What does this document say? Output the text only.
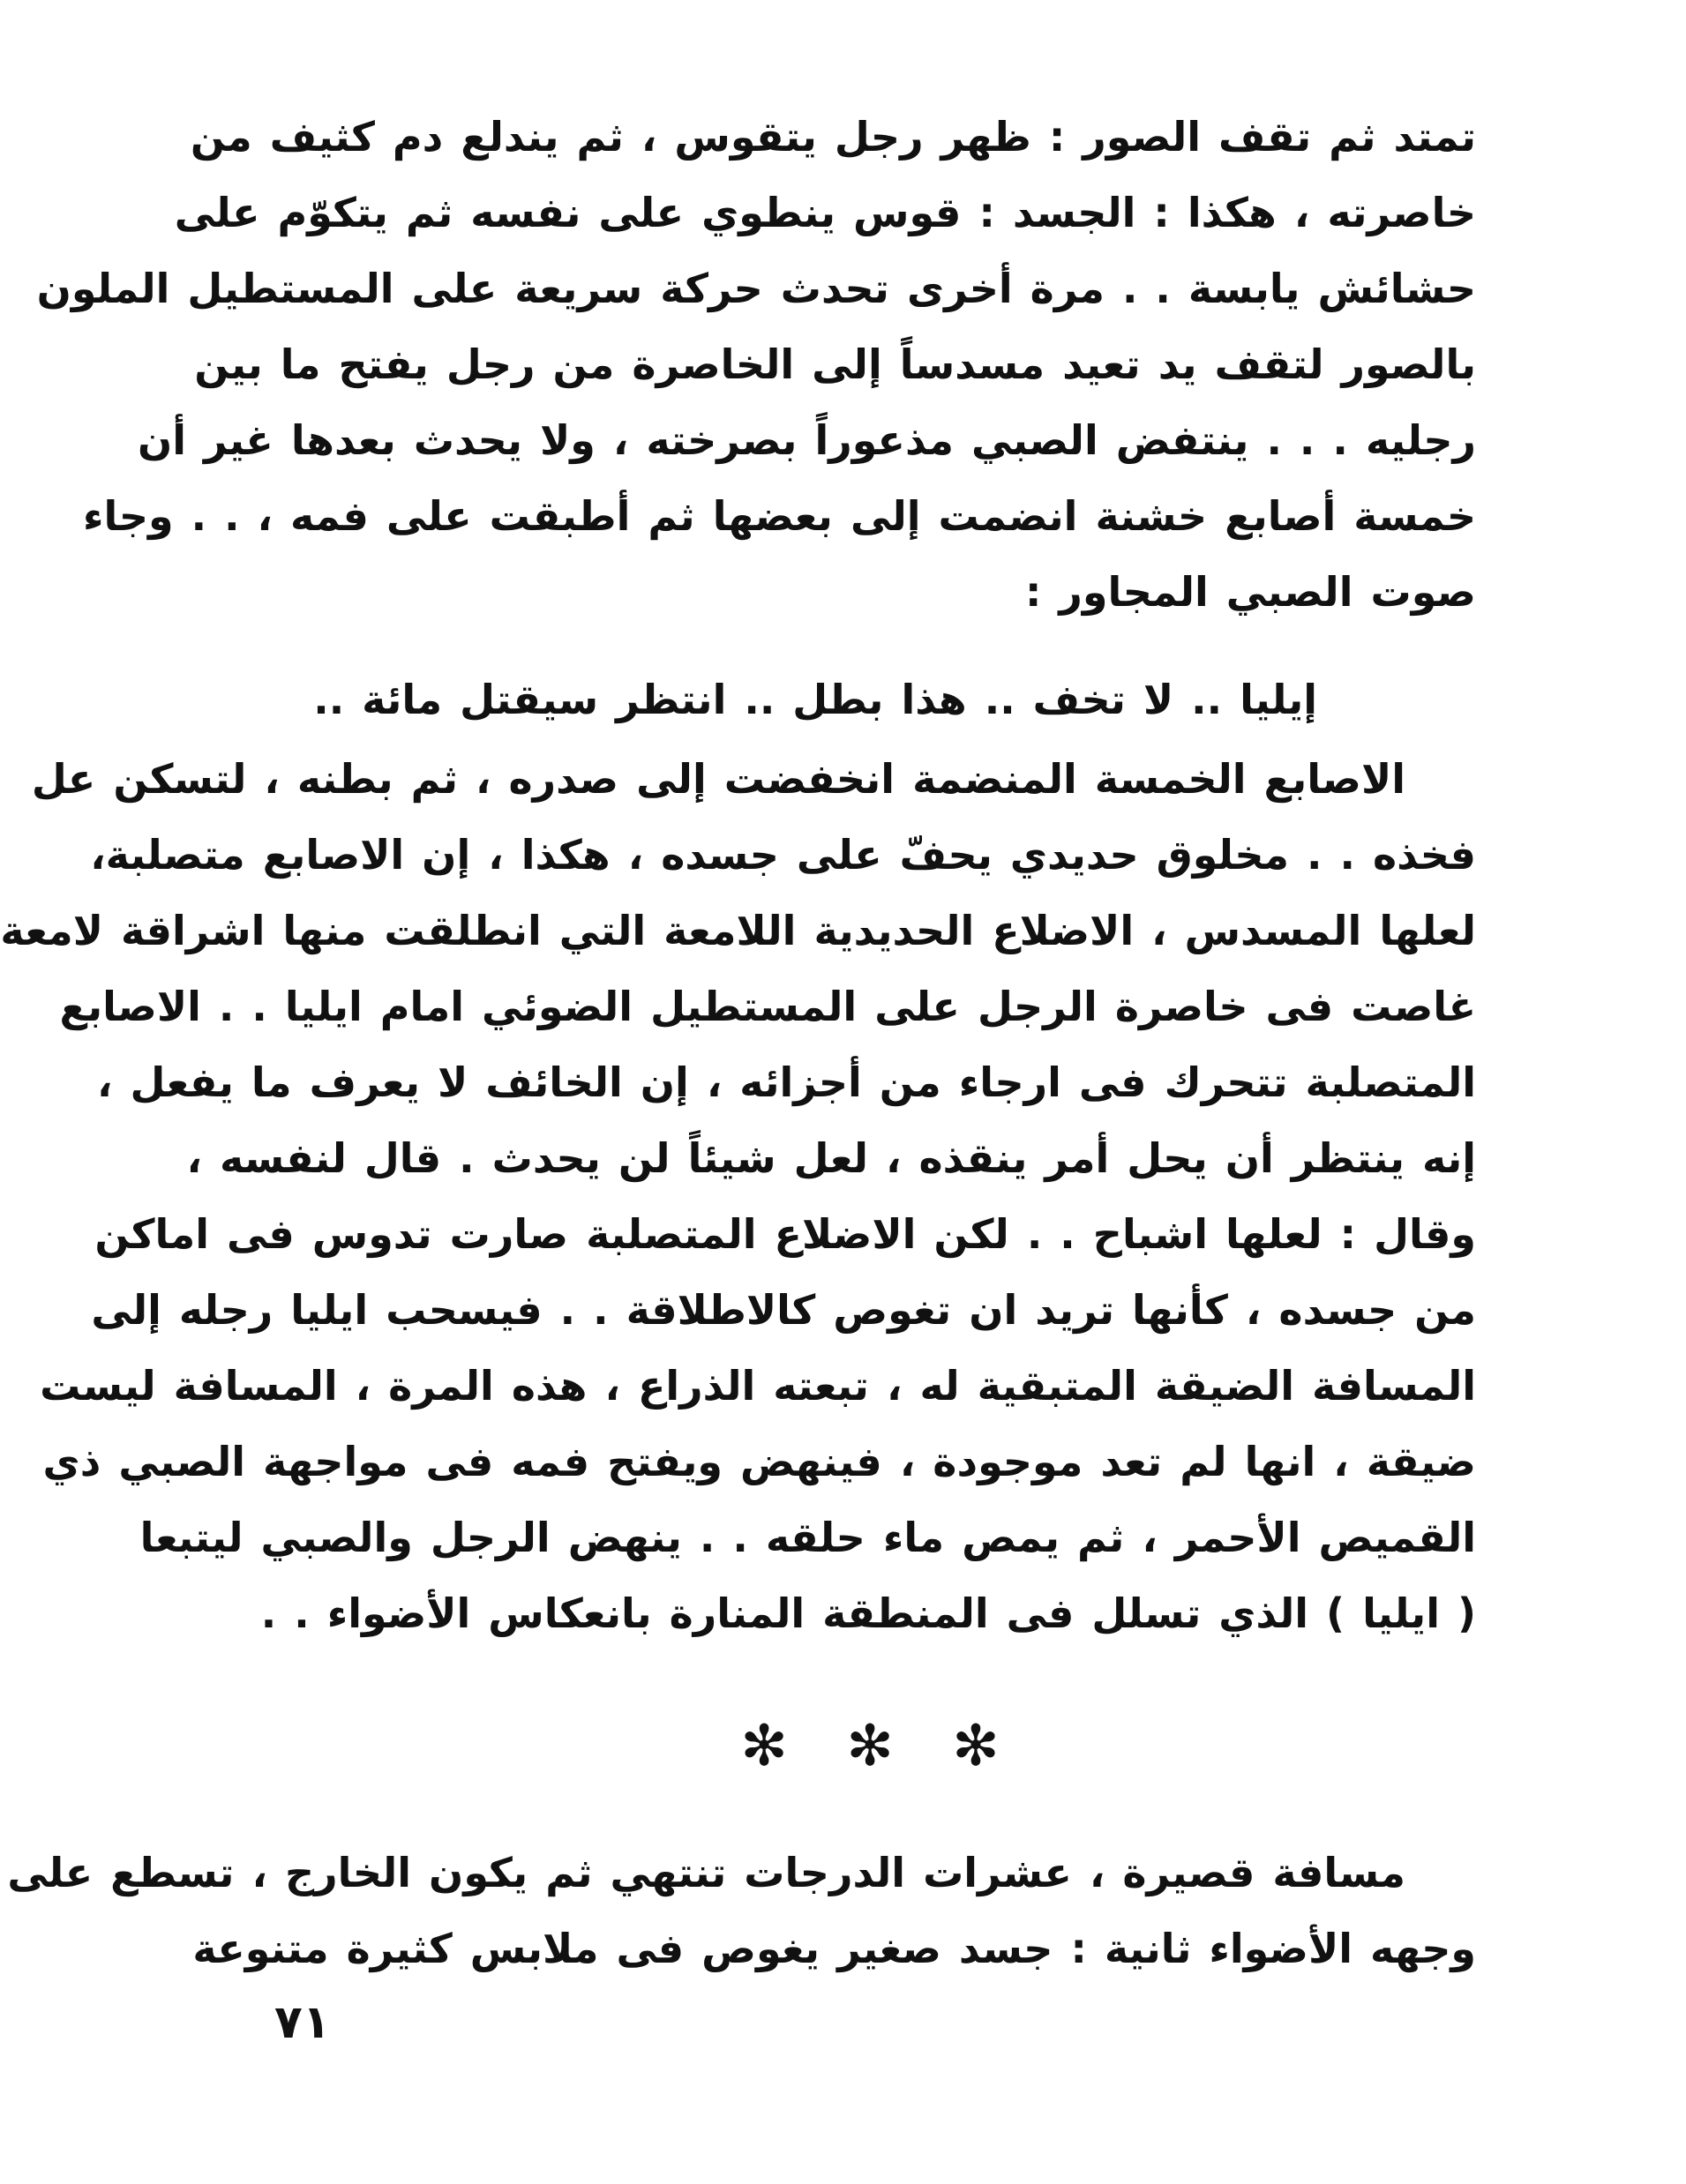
تمتد ثم تقف الصور : ظهر رجل يتقوس ، ثم يندلع دم كثيف من
خاصرته ، هكذا : الجسد : قوس ينطوي على نفسه ثم يتكوّم على
حشائش يابسة . . مرة أخرى تحدث حركة سريعة على المستطيل الملون
بالصور لتقف يد تعيد مسدساً إلى الخاصرة من رجل يفتح ما بين
رجليه . . . ينتفض الصبي مذعوراً بصرخته ، ولا يحدث بعدها غير أن
خمسة أصابع خشنة انضمت إلى بعضها ثم أطبقت على فمه ، . . وجاء
صوت الصبي المجاور :
إيليا .. لا تخف .. هذا بطل .. انتظر سيقتل مائة ..
الاصابع الخمسة المنضمة انخفضت إلى صدره ، ثم بطنه ، لتسكن عل
فخذه . . مخلوق حديدي يحفّ على جسده ، هكذا ، إن الاصابع متصلبة،
لعلها المسدس ، الاضلاع الحديدية اللامعة التي انطلقت منها اشراقة لامعة
غاصت فى خاصرة الرجل على المستطيل الضوئي امام ايليا . . الاصابع
المتصلبة تتحرك فى ارجاء من أجزائه ، إن الخائف لا يعرف ما يفعل ،
إنه ينتظر أن يحل أمر ينقذه ، لعل شيئاً لن يحدث . قال لنفسه ،
وقال : لعلها اشباح . . لكن الاضلاع المتصلبة صارت تدوس فى اماكن
من جسده ، كأنها تريد ان تغوص كالاطلاقة . . فيسحب ايليا رجله إلى
المسافة الضيقة المتبقية له ، تبعته الذراع ، هذه المرة ، المسافة ليست
ضيقة ، انها لم تعد موجودة ، فينهض ويفتح فمه فى مواجهة الصبي ذي
القميص الأحمر ، ثم يمص ماء حلقه . . ينهض الرجل والصبي ليتبعا
( ايليا ) الذي تسلل فى المنطقة المنارة بانعكاس الأضواء . .
✻ ✻ ✻
مسافة قصيرة ، عشرات الدرجات تنتهي ثم يكون الخارج ، تسطع على
وجهه الأضواء ثانية : جسد صغير يغوص فى ملابس كثيرة متنوعة
٧١
